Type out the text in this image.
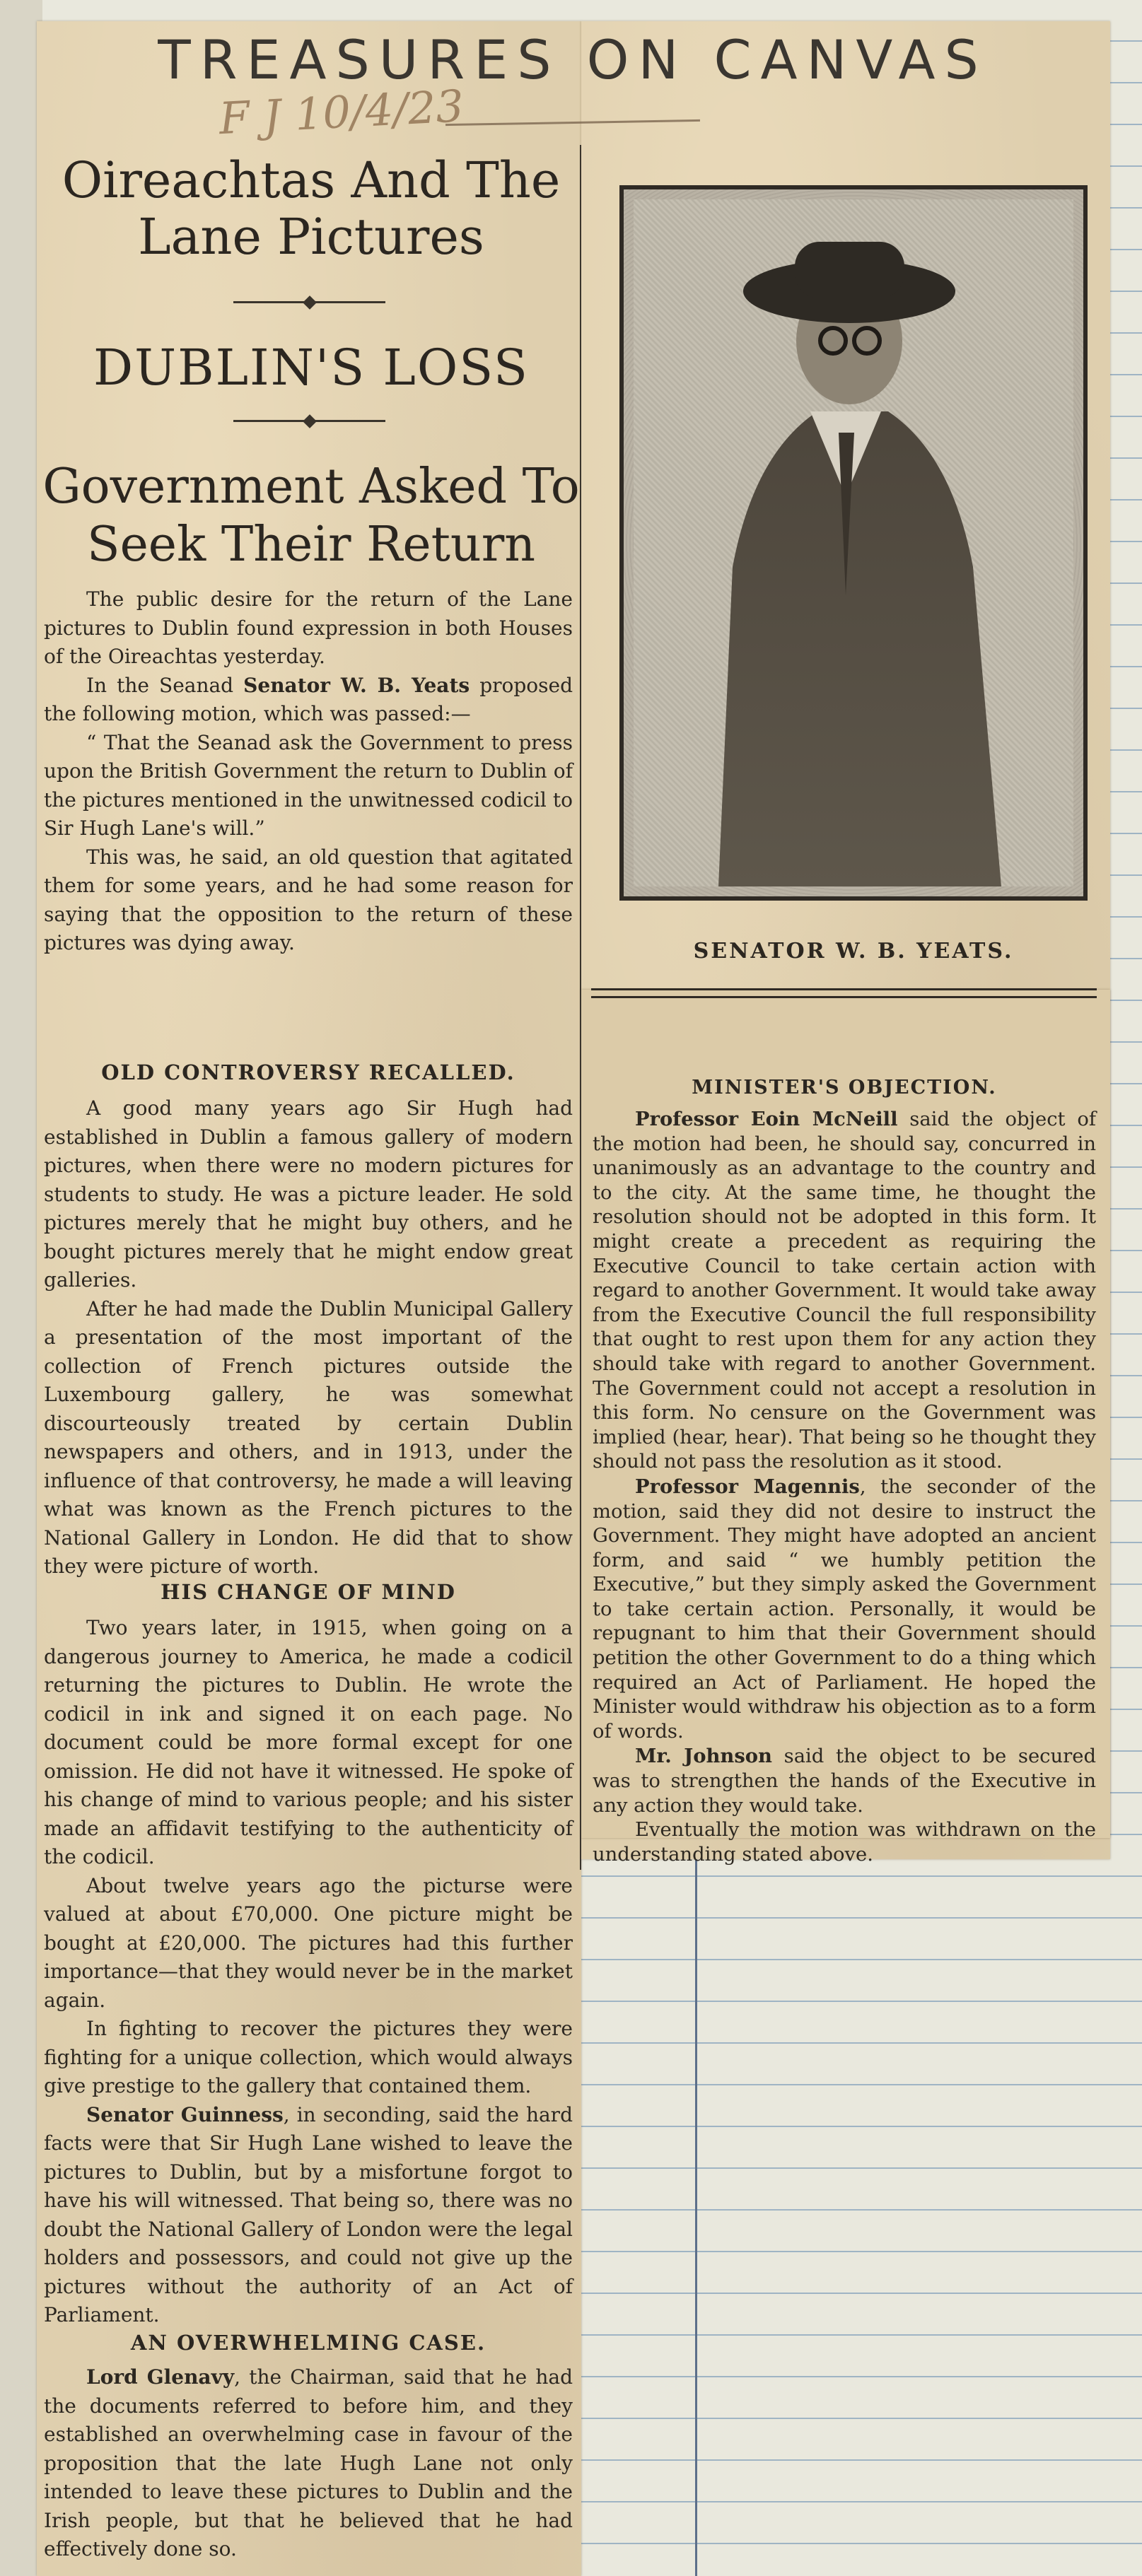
TREASURES ON CANVAS
F J 10/4/23
Oireachtas And The
Lane Pictures
DUBLIN'S LOSS
Government Asked To
Seek Their Return

The public desire for the return of the Lane pictures to Dublin found expression in both Houses of the Oireachtas yesterday.

In the Seanad Senator W. B. Yeats proposed the following motion, which was passed:—

“ That the Seanad ask the Government to press upon the British Government the return to Dublin of the pictures mentioned in the unwitnessed codicil to Sir Hugh Lane's will.”

This was, he said, an old question that agitated them for some years, and he had some reason for saying that the opposition to the return of these pictures was dying away.

OLD CONTROVERSY RECALLED.

A good many years ago Sir Hugh had established in Dublin a famous gallery of modern pictures, when there were no modern pictures for students to study. He was a picture leader. He sold pictures merely that he might buy others, and he bought pictures merely that he might endow great galleries.

After he had made the Dublin Municipal Gallery a presentation of the most important of the collection of French pictures outside the Luxembourg gallery, he was somewhat discourteously treated by certain Dublin newspapers and others, and in 1913, under the influence of that controversy, he made a will leaving what was known as the French pictures to the National Gallery in London. He did that to show they were picture of worth.

HIS CHANGE OF MIND

Two years later, in 1915, when going on a dangerous journey to America, he made a codicil returning the pictures to Dublin. He wrote the codicil in ink and signed it on each page. No document could be more formal except for one omission. He did not have it witnessed. He spoke of his change of mind to various people; and his sister made an affidavit testifying to the authenticity of the codicil.

About twelve years ago the picturse were valued at about £70,000. One picture might be bought at £20,000. The pictures had this further importance—that they would never be in the market again.

In fighting to recover the pictures they were fighting for a unique collection, which would always give prestige to the gallery that contained them.

Senator Guinness, in seconding, said the hard facts were that Sir Hugh Lane wished to leave the pictures to Dublin, but by a misfortune forgot to have his will witnessed. That being so, there was no doubt the National Gallery of London were the legal holders and possessors, and could not give up the pictures without the authority of an Act of Parliament.

AN OVERWHELMING CASE.

Lord Glenavy, the Chairman, said that he had the documents referred to before him, and they established an overwhelming case in favour of the proposition that the late Hugh Lane not only intended to leave these pictures to Dublin and the Irish people, but that he believed that he had effectively done so.

SENATOR W. B. YEATS.
MINISTER'S OBJECTION.

Professor Eoin McNeill said the object of the motion had been, he should say, concurred in unanimously as an advantage to the country and to the city. At the same time, he thought the resolution should not be adopted in this form. It might create a precedent as requiring the Executive Council to take certain action with regard to another Government. It would take away from the Executive Council the full responsibility that ought to rest upon them for any action they should take with regard to another Government. The Government could not accept a resolution in this form. No censure on the Government was implied (hear, hear). That being so he thought they should not pass the resolution as it stood.

Professor Magennis, the seconder of the motion, said they did not desire to instruct the Government. They might have adopted an ancient form, and said “ we humbly petition the Executive,” but they simply asked the Government to take certain action. Personally, it would be repugnant to him that their Government should petition the other Government to do a thing which required an Act of Parliament. He hoped the Minister would withdraw his objection as to a form of words.

Mr. Johnson said the object to be secured was to strengthen the hands of the Executive in any action they would take.

Eventually the motion was withdrawn on the understanding stated above.
